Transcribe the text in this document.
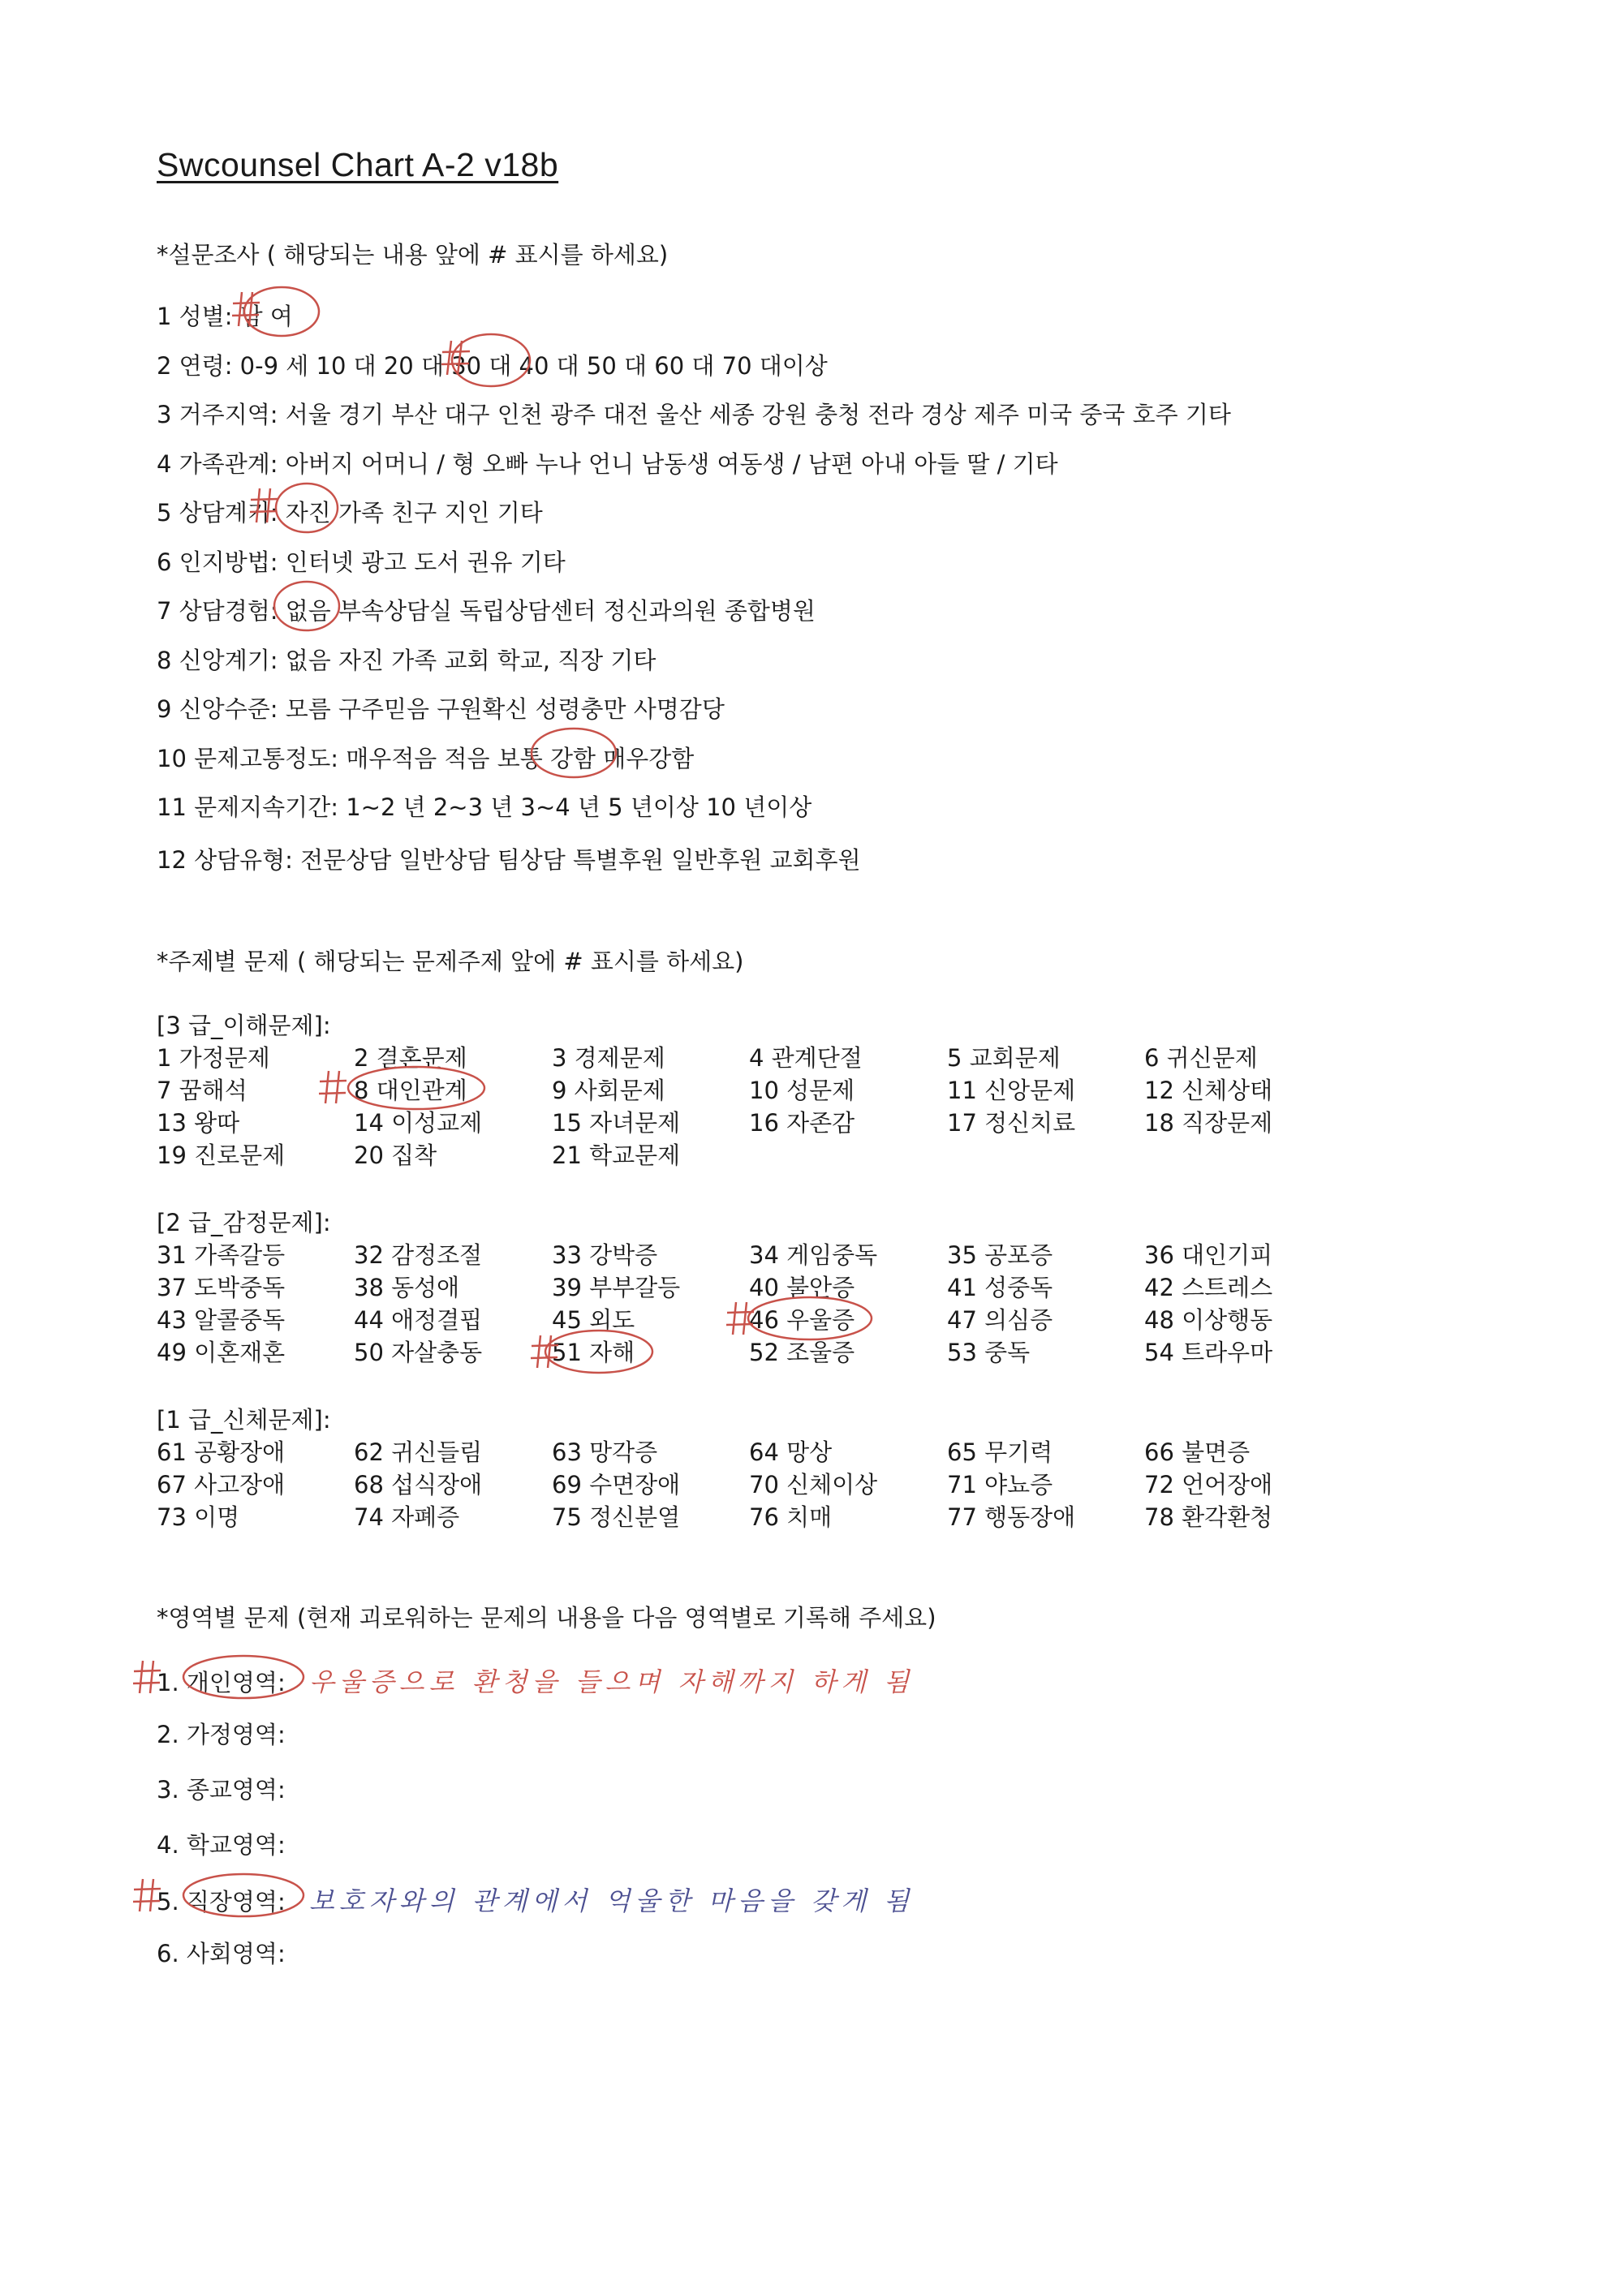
Swcounsel Chart A-2 v18b
*설문조사 ( 해당되는 내용 앞에 # 표시를 하세요)
1 성별: 남 여
2 연령: 0-9 세 10 대 20 대 30 대 40 대 50 대 60 대 70 대이상
3 거주지역: 서울 경기 부산 대구 인천 광주 대전 울산 세종 강원 충청 전라 경상 제주 미국 중국 호주 기타
4 가족관계: 아버지 어머니 / 형 오빠 누나 언니 남동생 여동생 / 남편 아내 아들 딸 / 기타
5 상담계기: 자진 가족 친구 지인 기타
6 인지방법: 인터넷 광고 도서 권유 기타
7 상담경험: 없음 부속상담실 독립상담센터 정신과의원 종합병원
8 신앙계기: 없음 자진 가족 교회 학교, 직장 기타
9 신앙수준: 모름 구주믿음 구원확신 성령충만 사명감당
10 문제고통정도: 매우적음 적음 보통 강함 매우강함
11 문제지속기간: 1~2 년 2~3 년 3~4 년 5 년이상 10 년이상
12 상담유형: 전문상담 일반상담 팀상담 특별후원 일반후원 교회후원
*주제별 문제 ( 해당되는 문제주제 앞에 # 표시를 하세요)
[3 급_이해문제]:
1 가정문제	2 결혼문제	3 경제문제	4 관계단절	5 교회문제	6 귀신문제
7 꿈해석	8 대인관계	9 사회문제	10 성문제	11 신앙문제	12 신체상태
13 왕따	14 이성교제	15 자녀문제	16 자존감	17 정신치료	18 직장문제
19 진로문제	20 집착	21 학교문제
[2 급_감정문제]:
31 가족갈등	32 감정조절	33 강박증	34 게임중독	35 공포증	36 대인기피
37 도박중독	38 동성애	39 부부갈등	40 불안증	41 성중독	42 스트레스
43 알콜중독	44 애정결핍	45 외도	46 우울증	47 의심증	48 이상행동
49 이혼재혼	50 자살충동	51 자해	52 조울증	53 중독	54 트라우마
[1 급_신체문제]:
61 공황장애	62 귀신들림	63 망각증	64 망상	65 무기력	66 불면증
67 사고장애	68 섭식장애	69 수면장애	70 신체이상	71 야뇨증	72 언어장애
73 이명	74 자폐증	75 정신분열	76 치매	77 행동장애	78 환각환청
*영역별 문제 (현재 괴로워하는 문제의 내용을 다음 영역별로 기록해 주세요)
1. 개인영역: 우울증으로 환청을 들으며 자해까지 하게 됨
2. 가정영역:
3. 종교영역:
4. 학교영역:
5. 직장영역: 보호자와의 관계에서 억울한 마음을 갖게 됨
6. 사회영역:
